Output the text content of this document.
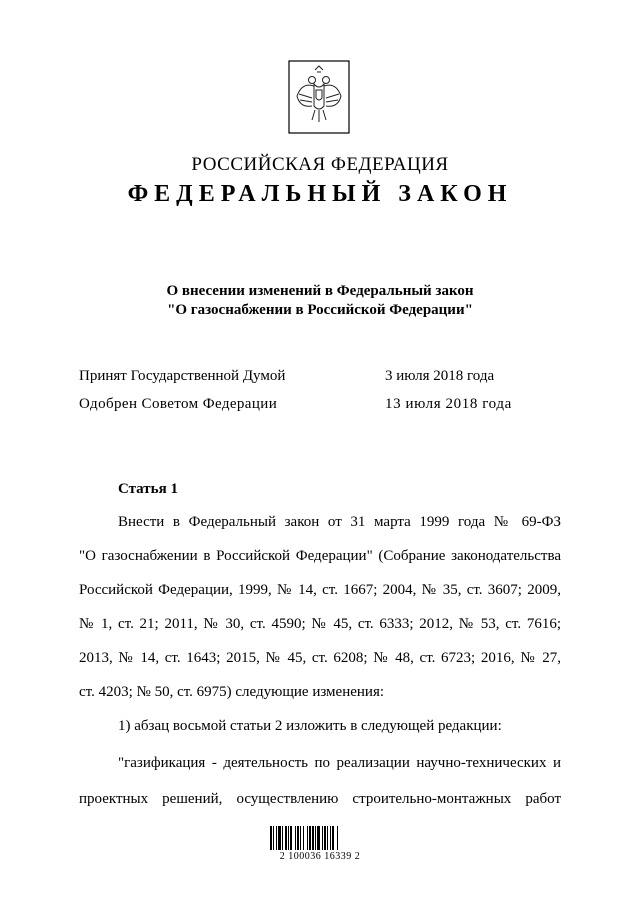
РОССИЙСКАЯ ФЕДЕРАЦИЯ
ФЕДЕРАЛЬНЫЙ ЗАКОН
О внесении изменений в Федеральный закон
"О газоснабжении в Российской Федерации"
Принят Государственной Думой	3 июля 2018 года
Одобрен Советом Федерации	13 июля 2018 года
Статья 1
Внести в Федеральный закон от 31 марта 1999 года № 69-ФЗ
"О газоснабжении в Российской Федерации" (Собрание законодательства
Российской Федерации, 1999, № 14, ст. 1667; 2004, № 35, ст. 3607; 2009,
№ 1, ст. 21; 2011, № 30, ст. 4590; № 45, ст. 6333; 2012, № 53, ст. 7616;
2013, № 14, ст. 1643; 2015, № 45, ст. 6208; № 48, ст. 6723; 2016, № 27,
ст. 4203; № 50, ст. 6975) следующие изменения:
1) абзац восьмой статьи 2 изложить в следующей редакции:
"газификация - деятельность по реализации научно-технических и
проектных решений, осуществлению строительно-монтажных работ
2 100036 16339 2
